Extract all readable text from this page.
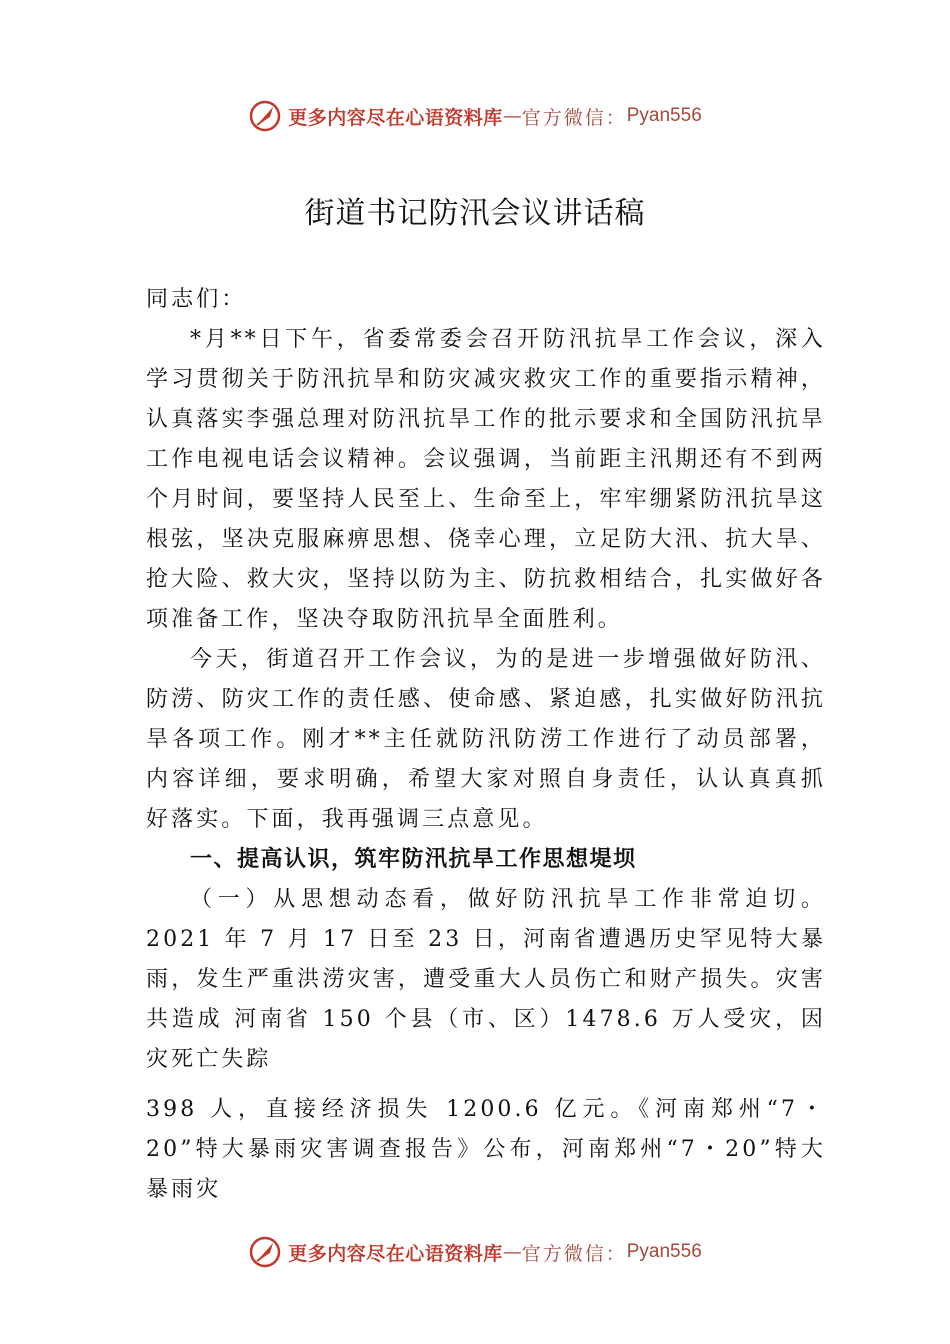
更多内容尽在心语资料库 — 官方微信： Pyan556
街道书记防汛会议讲话稿

同志们：

*月**日下午，省委常委会召开防汛抗旱工作会议，深入学习贯彻关于防汛抗旱和防灾减灾救灾工作的重要指示精神，认真落实李强总理对防汛抗旱工作的批示要求和全国防汛抗旱工作电视电话会议精神。会议强调，当前距主汛期还有不到两个月时间，要坚持人民至上、生命至上，牢牢绷紧防汛抗旱这根弦，坚决克服麻痹思想、侥幸心理，立足防大汛、抗大旱、抢大险、救大灾，坚持以防为主、防抗救相结合，扎实做好各项准备工作，坚决夺取防汛抗旱全面胜利。

今天，街道召开工作会议，为的是进一步增强做好防汛、防涝、防灾工作的责任感、使命感、紧迫感，扎实做好防汛抗旱各项工作。刚才**主任就防汛防涝工作进行了动员部署， 内容详细，要求明确，希望大家对照自身责任，认认真真抓 好落实。下面，我再强调三点意见。

一、提高认识，筑牢防汛抗旱工作思想堤坝

（一）从思想动态看，做好防汛抗旱工作非常迫切。2021 年 7 月 17 日至 23 日，河南省遭遇历史罕见特大暴雨，发生严重洪涝灾害，遭受重大人员伤亡和财产损失。灾害共造成 河南省 150 个县（市、区）1478.6 万人受灾，因灾死亡失踪

398 人，直接经济损失 1200.6 亿元。《河南郑州“7・20”特大暴雨灾害调查报告》公布，河南郑州“7・20”特大暴雨灾

更多内容尽在心语资料库 — 官方微信： Pyan556
